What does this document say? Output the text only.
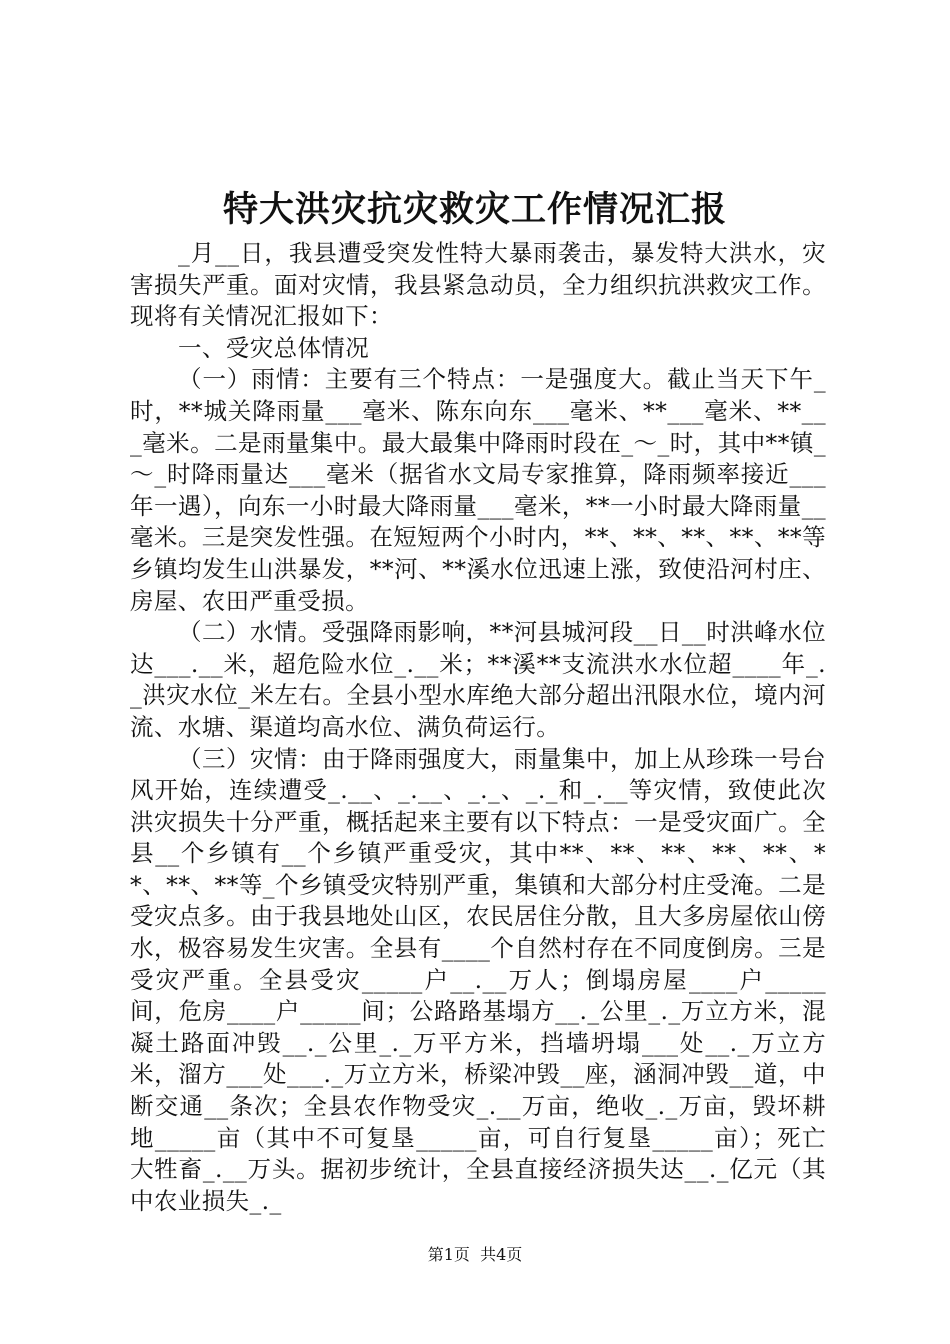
特大洪灾抗灾救灾工作情况汇报

_月__日，我县遭受突发性特大暴雨袭击，暴发特大洪水，灾害损失严重。面对灾情，我县紧急动员，全力组织抗洪救灾工作。现将有关情况汇报如下：

一、受灾总体情况

（一）雨情：主要有三个特点：一是强度大。截止当天下午_时，**城关降雨量___毫米、陈东向东___毫米、**___毫米、**___毫米。二是雨量集中。最大最集中降雨时段在_～_时，其中**镇_～_时降雨量达___毫米（据省水文局专家推算，降雨频率接近___年一遇），向东一小时最大降雨量___毫米，**一小时最大降雨量__毫米。三是突发性强。在短短两个小时内，**、**、**、**、**等乡镇均发生山洪暴发，**河、**溪水位迅速上涨，致使沿河村庄、房屋、农田严重受损。

（二）水情。受强降雨影响，**河县城河段__日__时洪峰水位达___.__米，超危险水位_.__米；**溪**支流洪水水位超____年_._洪灾水位_米左右。全县小型水库绝大部分超出汛限水位，境内河流、水塘、渠道均高水位、满负荷运行。

（三）灾情：由于降雨强度大，雨量集中，加上从珍珠一号台风开始，连续遭受_.__、_.__、_._、_._和_.__等灾情，致使此次洪灾损失十分严重，概括起来主要有以下特点：一是受灾面广。全县__个乡镇有__个乡镇严重受灾，其中**、**、**、**、**、**、**、**等_个乡镇受灾特别严重，集镇和大部分村庄受淹。二是受灾点多。由于我县地处山区，农民居住分散，且大多房屋依山傍水，极容易发生灾害。全县有____个自然村存在不同度倒房。三是受灾严重。全县受灾_____户__.__万人；倒塌房屋____户_____间，危房____户_____间；公路路基塌方__._公里_._万立方米，混凝土路面冲毁__._公里_._万平方米，挡墙坍塌___处__._万立方米，溜方___处___._万立方米，桥梁冲毁__座，涵洞冲毁__道，中断交通__条次；全县农作物受灾_.__万亩，绝收_._万亩，毁坏耕地_____亩（其中不可复垦_____亩，可自行复垦_____亩）；死亡大牲畜_.__万头。据初步统计，全县直接经济损失达__._亿元（其中农业损失_._

第1页 共4页
